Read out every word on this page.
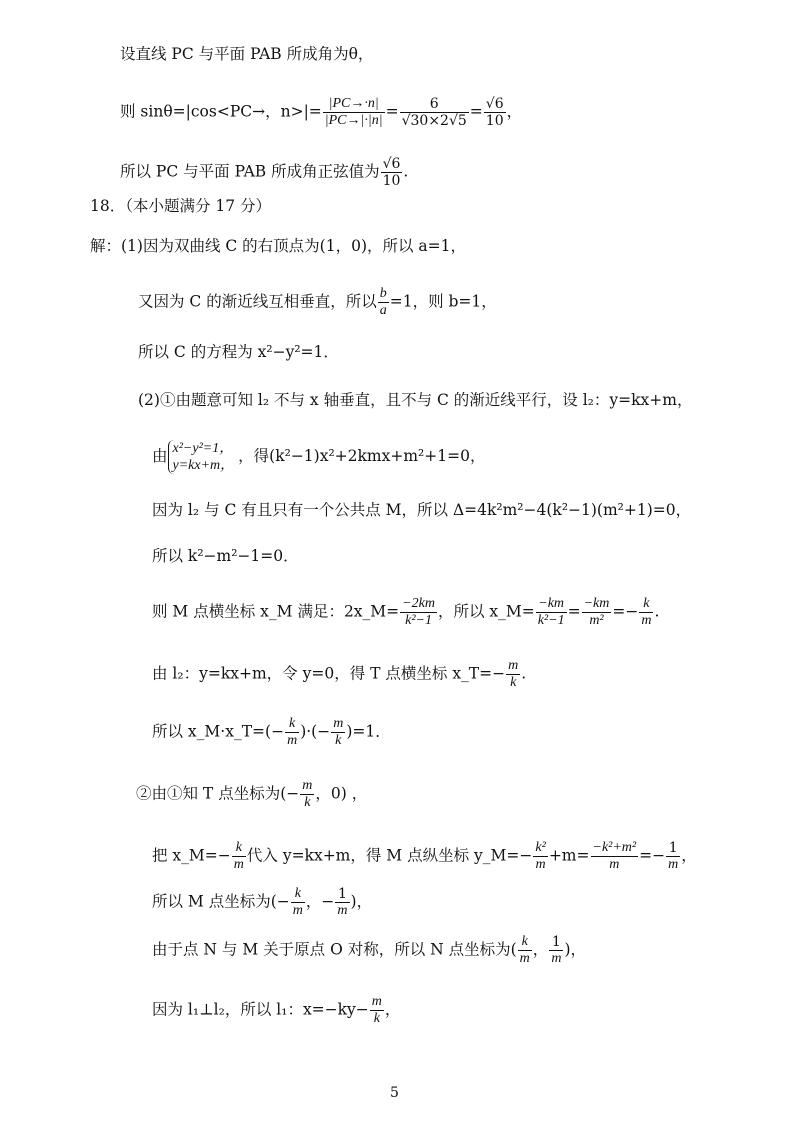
设直线 PC 与平面 PAB 所成角为θ，
则 sinθ=|cos<PC→，$n>|= \frac{|PC\to\cdot n|}{|PC\to|\cdot|n|} = \frac{6}{√30\times 2√5} = \frac{√6}{10}$ ，
所以 PC 与平面 PAB 所成角正弦值为 $\frac{√6}{10}$ .
18．（本小题满分 17 分）
解：(1)因为双曲线 C 的右顶点为(1，0)，所以 a=1，
又因为 C 的渐近线互相垂直，所以 $\frac{b}{a} =1$，则 b=1，
所以 C 的方程为 x²−y²=1．
(2)①由题意可知 l₂ 不与 x 轴垂直，且不与 C 的渐近线平行，设 l₂：y=kx+m，
由 x²−y²=1，
y=kx+m，
，得(k²−1)x²+2kmx+m²+1=0，
因为 l₂ 与 C 有且只有一个公共点 M，所以 Δ=4k²m²−4(k²−1)(m²+1)=0，
所以 k²−m²−1=0．
则 M 点横坐标 x_M 满足：2x_M= $\frac{-2km}{\text{k²−1}}$ ，所以 x_M= $\frac{-km}{\text{k²−1}} = \frac{-km}{\text{m²}} =- \frac{k}{m}$ .
由 l₂：y=kx+m，令 y=0，得 T 点横坐标 x_T=− $\frac{m}{k}$ .
所以 x_M·x_T=(− $\frac{k}{m}$ )·(− $\frac{m}{k} )=1$．
②由①知 T 点坐标为(− $\frac{m}{k}$ ，0) ，
把 x_M=− $\frac{k}{m}$ 代入 y=kx+m，得 M 点纵坐标 y_M=− $\frac{\text{k²}}{m} +m= \frac{\text{−k²+m²}}{m} =- \frac{1}{m}$ ，
所以 M 点坐标为(− $\frac{k}{m}$ ，− $\frac{1}{m}$ )，
由于点 N 与 M 关于原点 O 对称，所以 N 点坐标为( $\frac{k}{m}$ ， $\frac{1}{m}$ )，
因为 l₁⊥l₂，所以 l₁：$x=-ky- \frac{m}{k}$ ，
5
